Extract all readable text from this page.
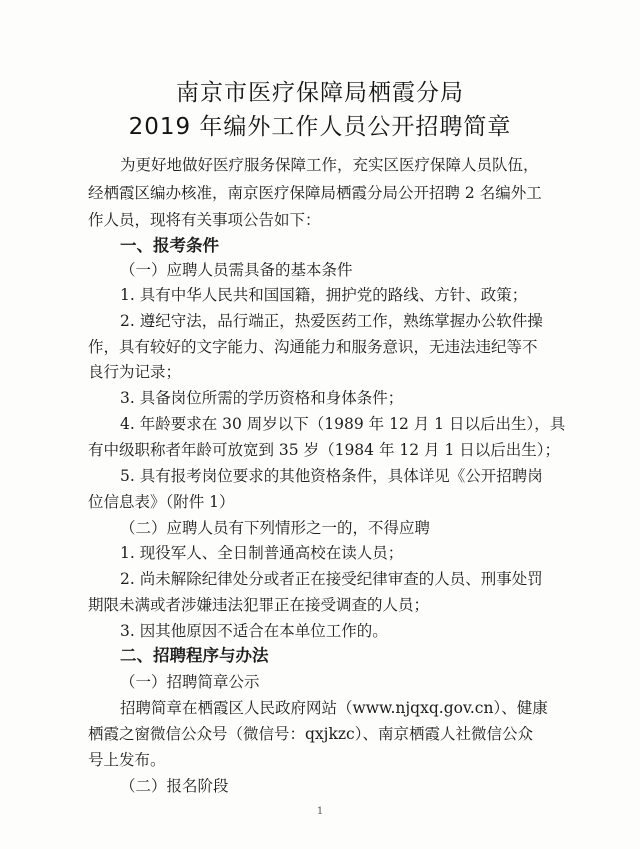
南京市医疗保障局栖霞分局
2019 年编外工作人员公开招聘简章
为更好地做好医疗服务保障工作，充实区医疗保障人员队伍，
经栖霞区编办核准，南京医疗保障局栖霞分局公开招聘 2 名编外工
作人员，现将有关事项公告如下：
一、报考条件
（一）应聘人员需具备的基本条件
1. 具有中华人民共和国国籍，拥护党的路线、方针、政策；
2. 遵纪守法，品行端正，热爱医药工作，熟练掌握办公软件操
作，具有较好的文字能力、沟通能力和服务意识，无违法违纪等不
良行为记录；
3. 具备岗位所需的学历资格和身体条件；
4. 年龄要求在 30 周岁以下（1989 年 12 月 1 日以后出生），具
有中级职称者年龄可放宽到 35 岁（1984 年 12 月 1 日以后出生）；
5. 具有报考岗位要求的其他资格条件，具体详见《公开招聘岗
位信息表》（附件 1）
（二）应聘人员有下列情形之一的，不得应聘
1. 现役军人、全日制普通高校在读人员；
2. 尚未解除纪律处分或者正在接受纪律审查的人员、刑事处罚
期限未满或者涉嫌违法犯罪正在接受调查的人员；
3. 因其他原因不适合在本单位工作的。
二、招聘程序与办法
（一）招聘简章公示
招聘简章在栖霞区人民政府网站（www.njqxq.gov.cn）、健康
栖霞之窗微信公众号（微信号：qxjkzc）、南京栖霞人社微信公众
号上发布。
（二）报名阶段
1
